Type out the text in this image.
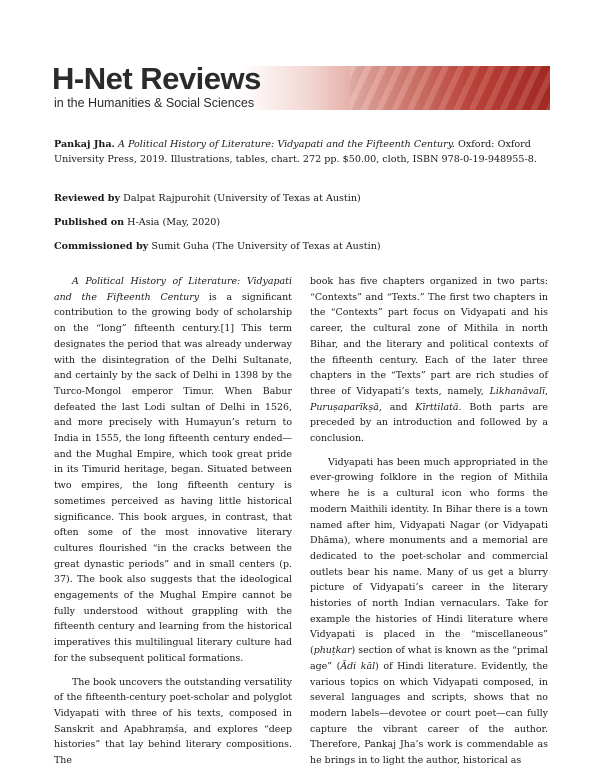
H-Net Reviews
in the Humanities & Social Sciences
Pankaj Jha. A Political History of Literature: Vidyapati and the Fifteenth Century. Oxford: Oxford University Press, 2019. Illustrations, tables, chart. 272 pp. $50.00, cloth, ISBN 978-0-19-948955-8.
Reviewed by Dalpat Rajpurohit (University of Texas at Austin)
Published on H-Asia (May, 2020)
Commissioned by Sumit Guha (The University of Texas at Austin)

A Political History of Literature: Vidyapati and the Fifteenth Century is a significant contribution to the growing body of scholarship on the “long” fifteenth century.[1] This term designates the period that was already underway with the disintegration of the Delhi Sultanate, and certainly by the sack of Delhi in 1398 by the Turco-Mongol emperor Timur. When Babur defeated the last Lodi sultan of Delhi in 1526, and more precisely with Humayun’s return to India in 1555, the long fifteenth century ended—and the Mughal Empire, which took great pride in its Timurid heritage, began. Situated between two empires, the long fifteenth century is sometimes perceived as having little historical significance. This book argues, in contrast, that often some of the most innovative literary cultures flourished “in the cracks between the great dynastic periods” and in small centers (p. 37). The book also suggests that the ideological engagements of the Mughal Empire cannot be fully understood without grappling with the fifteenth century and learning from the historical imperatives this multilingual literary culture had for the subsequent political formations.

The book uncovers the outstanding versatility of the fifteenth-century poet-scholar and polyglot Vidyapati with three of his texts, composed in Sanskrit and Apabhraṃśa, and explores “deep histories” that lay behind literary compositions. The

book has five chapters organized in two parts: “Contexts” and “Texts.” The first two chapters in the “Contexts” part focus on Vidyapati and his career, the cultural zone of Mithila in north Bihar, and the literary and political contexts of the fifteenth century. Each of the later three chapters in the “Texts” part are rich studies of three of Vidyapati’s texts, namely, Likhanāvalī, Puruṣaparīkṣā, and Kīrttilatā. Both parts are preceded by an introduction and followed by a conclusion.

Vidyapati has been much appropriated in the ever-growing folklore in the region of Mithila where he is a cultural icon who forms the modern Maithili identity. In Bihar there is a town named after him, Vidyapati Nagar (or Vidyapati Dhāma), where monuments and a memorial are dedicated to the poet-scholar and commercial outlets bear his name. Many of us get a blurry picture of Vidyapati’s career in the literary histories of north Indian vernaculars. Take for example the histories of Hindi literature where Vidyapati is placed in the “miscellaneous” (phuṭkar) section of what is known as the “primal age” (Ādi kāl) of Hindi literature. Evidently, the various topics on which Vidyapati composed, in several languages and scripts, shows that no modern labels—devotee or court poet—can fully capture the vibrant career of the author. Therefore, Pankaj Jha’s work is commendable as he brings in to light the author, historical as
